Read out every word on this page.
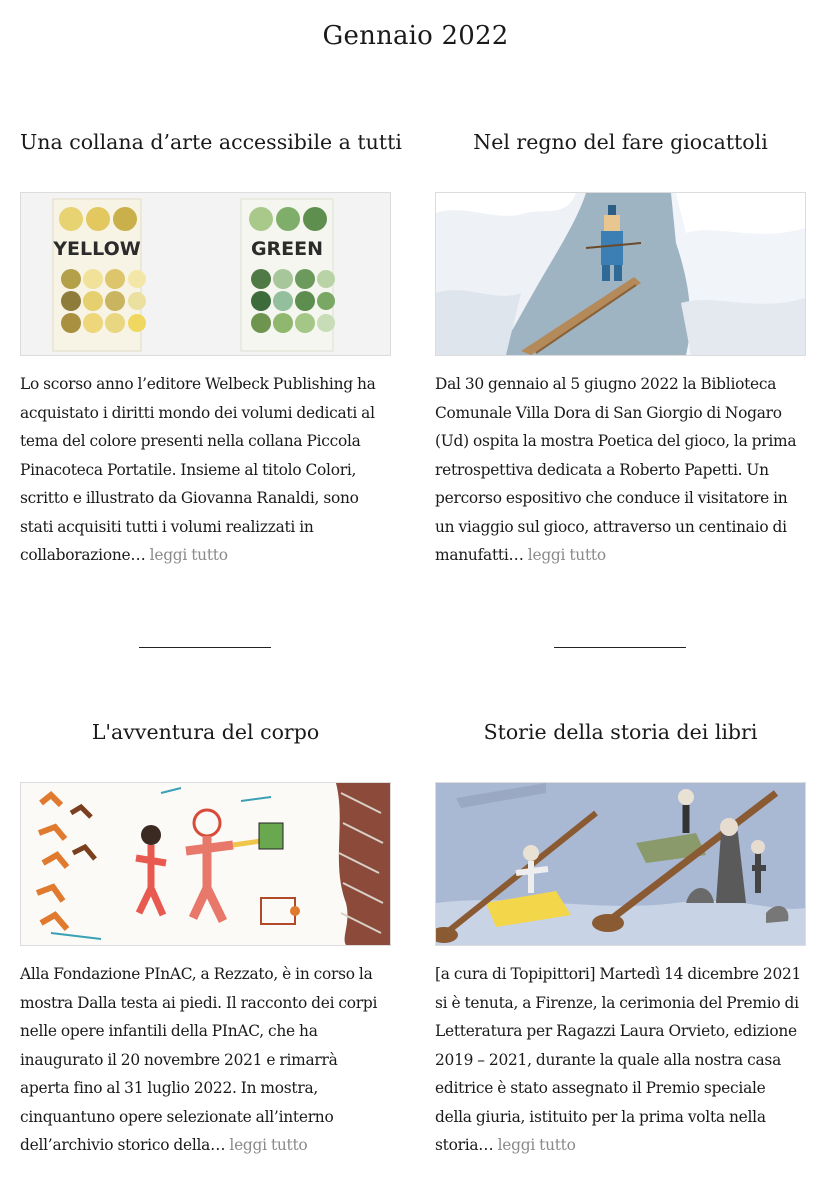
Gennaio 2022
Una collana d’arte accessibile a tutti
YELLOW	GREEN

Lo scorso anno l’editore Welbeck Publishing ha acquistato i diritti mondo dei volumi dedicati al tema del colore presenti nella collana Piccola Pinacoteca Portatile. Insieme al titolo Colori, scritto e illustrato da Giovanna Ranaldi, sono stati acquisiti tutti i volumi realizzati in collaborazione… leggi tutto

Nel regno del fare giocattoli

Dal 30 gennaio al 5 giugno 2022 la Biblioteca Comunale Villa Dora di San Giorgio di Nogaro (Ud) ospita la mostra Poetica del gioco, la prima retrospettiva dedicata a Roberto Papetti. Un percorso espositivo che conduce il visitatore in un viaggio sul gioco, attraverso un centinaio di manufatti… leggi tutto

L'avventura del corpo

Alla Fondazione PInAC, a Rezzato, è in corso la mostra Dalla testa ai piedi. Il racconto dei corpi nelle opere infantili della PInAC, che ha inaugurato il 20 novembre 2021 e rimarrà aperta fino al 31 luglio 2022. In mostra, cinquantuno opere selezionate all’interno dell’archivio storico della… leggi tutto

Storie della storia dei libri

[a cura di Topipittori] Martedì 14 dicembre 2021 si è tenuta, a Firenze, la cerimonia del Premio di Letteratura per Ragazzi Laura Orvieto, edizione 2019 – 2021, durante la quale alla nostra casa editrice è stato assegnato il Premio speciale della giuria, istituito per la prima volta nella storia… leggi tutto
